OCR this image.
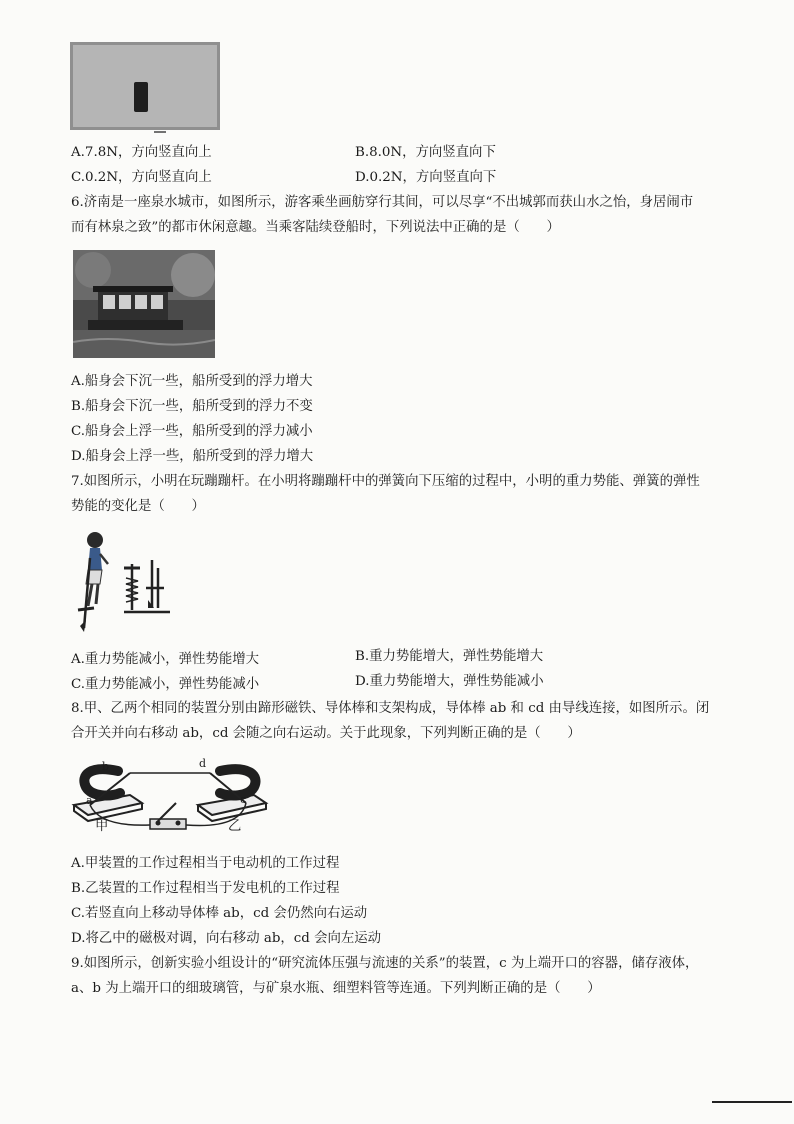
A.7.8N，方向竖直向上	B.8.0N，方向竖直向下
C.0.2N，方向竖直向上	D.0.2N，方向竖直向下
6.济南是一座泉水城市，如图所示，游客乘坐画舫穿行其间，可以尽享“不出城郭而获山水之怡，身居闹市
而有林泉之致”的都市休闲意趣。当乘客陆续登船时，下列说法中正确的是（　　）
A.船身会下沉一些，船所受到的浮力增大
B.船身会下沉一些，船所受到的浮力不变
C.船身会上浮一些，船所受到的浮力减小
D.船身会上浮一些，船所受到的浮力增大
7.如图所示，小明在玩蹦蹦杆。在小明将蹦蹦杆中的弹簧向下压缩的过程中，小明的重力势能、弹簧的弹性
势能的变化是（　　）
A.重力势能减小，弹性势能增大	B.重力势能增大，弹性势能增大
C.重力势能减小，弹性势能减小	D.重力势能增大，弹性势能减小
8.甲、乙两个相同的装置分别由蹄形磁铁、导体棒和支架构成，导体棒 ab 和 cd 由导线连接，如图所示。闭
合开关并向右移动 ab，cd 会随之向右运动。关于此现象，下列判断正确的是（　　）
b	d
a	c
甲	乙
A.甲装置的工作过程相当于电动机的工作过程
B.乙装置的工作过程相当于发电机的工作过程
C.若竖直向上移动导体棒 ab，cd 会仍然向右运动
D.将乙中的磁极对调，向右移动 ab，cd 会向左运动
9.如图所示，创新实验小组设计的“研究流体压强与流速的关系”的装置，c 为上端开口的容器，储存液体，
a、b 为上端开口的细玻璃管，与矿泉水瓶、细塑料管等连通。下列判断正确的是（　　）
